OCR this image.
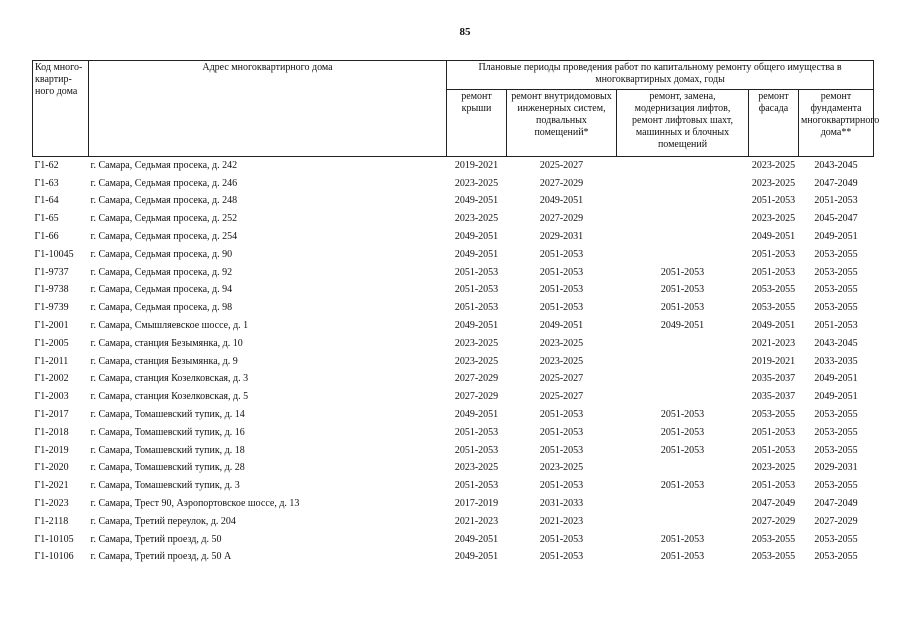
85
Код много-квартир-ного дома	Адрес многоквартирного дома	Плановые периоды проведения работ по капитальному ремонту общего имущества в многоквартирных домах, годы				
		ремонт крыши	ремонт внутридомовых инженерных систем, подвальных помещений*	ремонт, замена, модернизация лифтов, ремонт лифтовых шахт, машинных и блочных помещений	ремонт фасада	ремонт фундамента многоквартирного дома**
Г1-62	г. Самара, Седьмая просека, д. 242	2019-2021	2025-2027		2023-2025	2043-2045
Г1-63	г. Самара, Седьмая просека, д. 246	2023-2025	2027-2029		2023-2025	2047-2049
Г1-64	г. Самара, Седьмая просека, д. 248	2049-2051	2049-2051		2051-2053	2051-2053
Г1-65	г. Самара, Седьмая просека, д. 252	2023-2025	2027-2029		2023-2025	2045-2047
Г1-66	г. Самара, Седьмая просека, д. 254	2049-2051	2029-2031		2049-2051	2049-2051
Г1-10045	г. Самара, Седьмая просека, д. 90	2049-2051	2051-2053		2051-2053	2053-2055
Г1-9737	г. Самара, Седьмая просека, д. 92	2051-2053	2051-2053	2051-2053	2051-2053	2053-2055
Г1-9738	г. Самара, Седьмая просека, д. 94	2051-2053	2051-2053	2051-2053	2053-2055	2053-2055
Г1-9739	г. Самара, Седьмая просека, д. 98	2051-2053	2051-2053	2051-2053	2053-2055	2053-2055
Г1-2001	г. Самара, Смышляевское шоссе, д. 1	2049-2051	2049-2051	2049-2051	2049-2051	2051-2053
Г1-2005	г. Самара, станция Безымянка, д. 10	2023-2025	2023-2025		2021-2023	2043-2045
Г1-2011	г. Самара, станция Безымянка, д. 9	2023-2025	2023-2025		2019-2021	2033-2035
Г1-2002	г. Самара, станция Козелковская, д. 3	2027-2029	2025-2027		2035-2037	2049-2051
Г1-2003	г. Самара, станция Козелковская, д. 5	2027-2029	2025-2027		2035-2037	2049-2051
Г1-2017	г. Самара, Томашевский тупик, д. 14	2049-2051	2051-2053	2051-2053	2053-2055	2053-2055
Г1-2018	г. Самара, Томашевский тупик, д. 16	2051-2053	2051-2053	2051-2053	2051-2053	2053-2055
Г1-2019	г. Самара, Томашевский тупик, д. 18	2051-2053	2051-2053	2051-2053	2051-2053	2053-2055
Г1-2020	г. Самара, Томашевский тупик, д. 28	2023-2025	2023-2025		2023-2025	2029-2031
Г1-2021	г. Самара, Томашевский тупик, д. 3	2051-2053	2051-2053	2051-2053	2051-2053	2053-2055
Г1-2023	г. Самара, Трест 90, Аэропортовское шоссе, д. 13	2017-2019	2031-2033		2047-2049	2047-2049
Г1-2118	г. Самара, Третий переулок, д. 204	2021-2023	2021-2023		2027-2029	2027-2029
Г1-10105	г. Самара, Третий проезд, д. 50	2049-2051	2051-2053	2051-2053	2053-2055	2053-2055
Г1-10106	г. Самара, Третий проезд, д. 50 А	2049-2051	2051-2053	2051-2053	2053-2055	2053-2055
